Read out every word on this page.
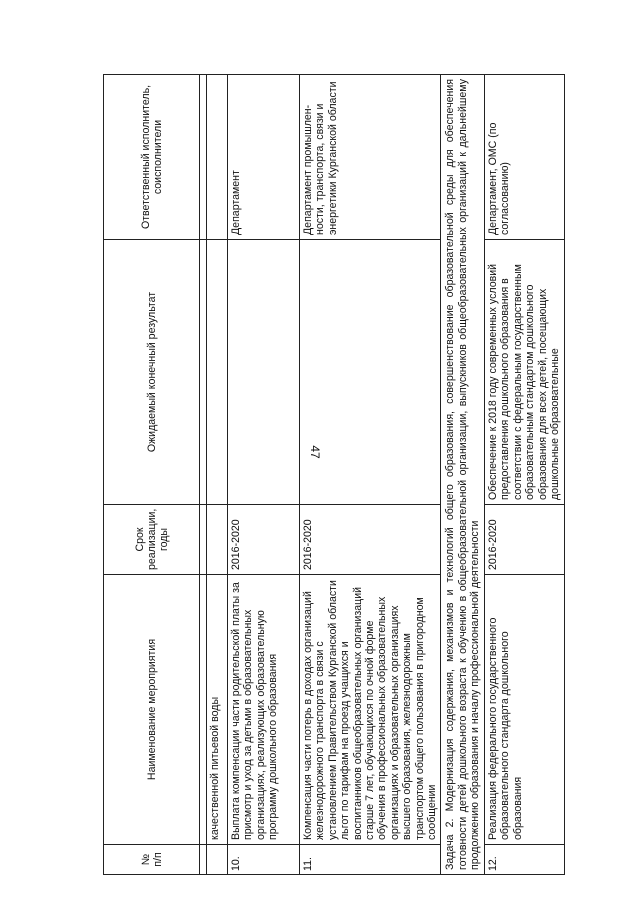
47
№ п/п	Наименование мероприятия	Срок реализации, годы	Ожидаемый конечный результат	Ответственный исполнитель, соисполнители

	качественной питьевой воды			
10.	Выплата компенсации части родительской платы за присмотр и уход за детьми в образовательных организациях, реализующих образовательную программу дошкольного образования	2016-2020		Департамент
11.	Компенсация части потерь в доходах организаций железнодорожного транспорта в связи с установлением Правительством Курганской области льгот по тарифам на проезд учащихся и воспитанников общеобразовательных организаций старше 7 лет, обучающихся по очной форме обучения в профессиональных образовательных организациях и образовательных организациях высшего образования, железнодорожным транспортом общего пользования в пригородном сообщении	2016-2020		Департамент промышлен-ности, транспорта, связи и энергетики Курганской области
Задача 2. Модернизация содержания, механизмов и технологий общего образования, совершенствование образовательной среды для обеспечения готовности детей дошкольного возраста к обучению в общеобразовательной организации, выпускников общеобразовательных организаций к дальнейшему продолжению образования и началу профессиональной деятельности				
12.	Реализация федерального государственного образовательного стандарта дошкольного образования	2016-2020	Обеспечение к 2018 году современных условий предоставления дошкольного образования в соответствии с федеральным государственным образовательным стандартом дошкольного образования для всех детей, посещающих дошкольные образовательные	Департамент, ОМС (по согласованию)
